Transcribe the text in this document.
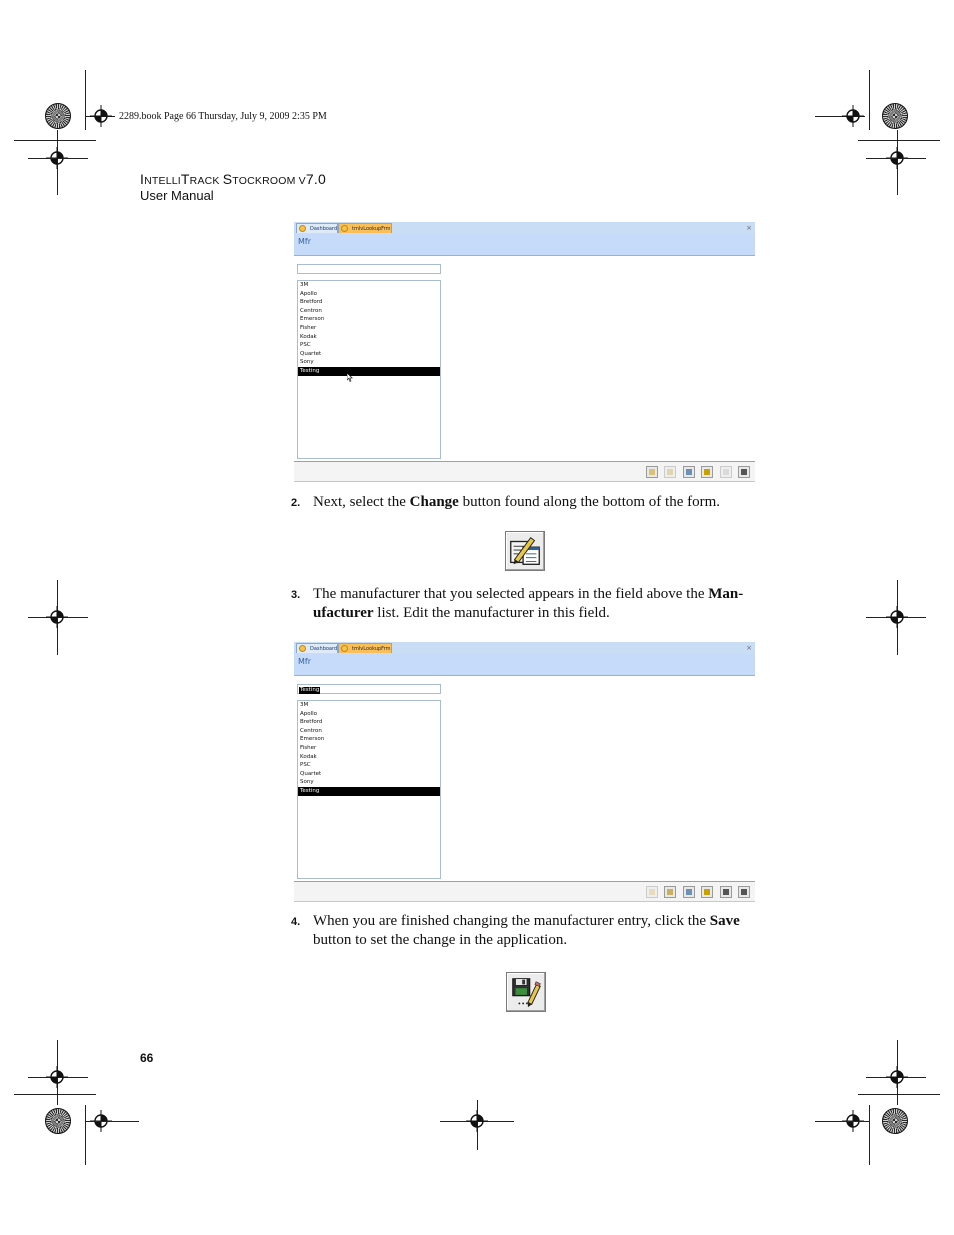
2289.book Page 66 Thursday, July 9, 2009 2:35 PM
INTELLITRACK STOCKROOM V7.0
User Manual
Dashboard	tmIvLookupFrm	×
Mfr
3M
Apollo
Bretford
Centron
Emerson
Fisher
Kodak
PSC
Quartet
Sony
Testing
2. Next, select the Change button found along the bottom of the form.
3. The manufacturer that you selected appears in the field above the Man-
ufacturer list. Edit the manufacturer in this field.
Dashboard	tmIvLookupFrm	×
Mfr
Testing
3M
Apollo
Bretford
Centron
Emerson
Fisher
Kodak
PSC
Quartet
Sony
Testing
4. When you are finished changing the manufacturer entry, click the Save
button to set the change in the application.
66
